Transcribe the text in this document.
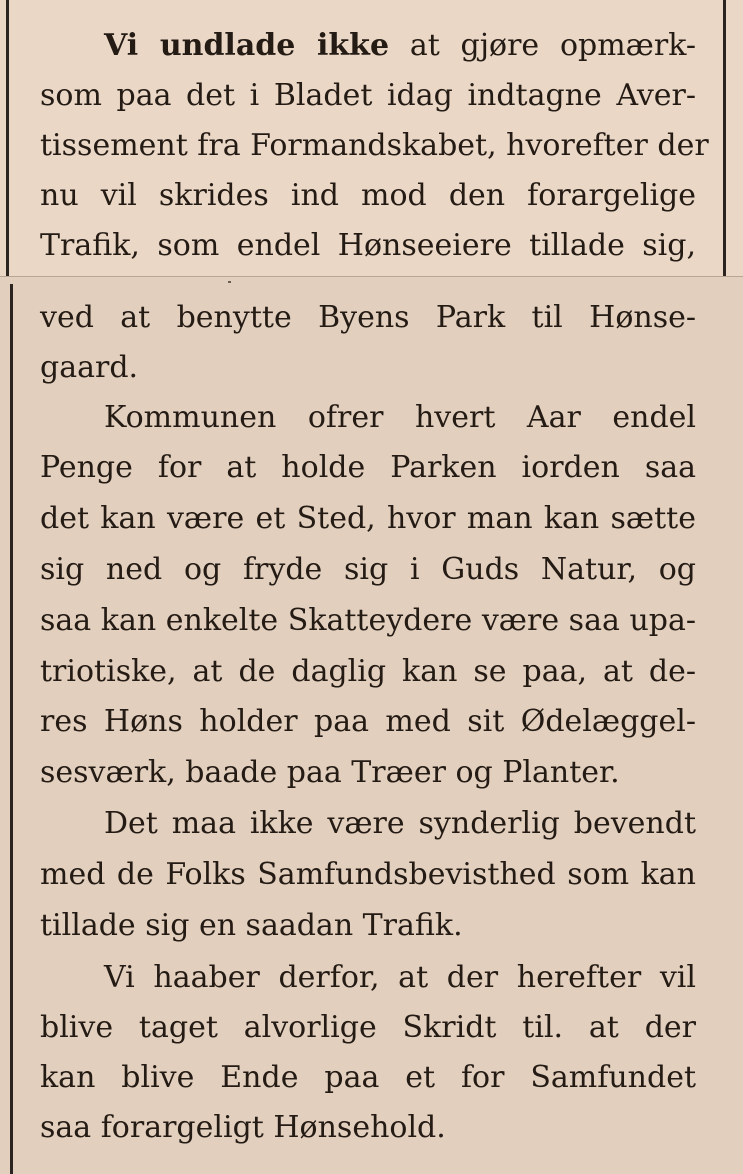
Vi undlade ikke at gjøre opmærk-
som paa det i Bladet idag indtagne Aver-
tissement fra Formandskabet, hvorefter der
nu vil skrides ind mod den forargelige
Trafik, som endel Hønseeiere tillade sig,
ved at benytte Byens Park til Hønse-
gaard.
Kommunen ofrer hvert Aar endel
Penge for at holde Parken iorden saa
det kan være et Sted, hvor man kan sætte
sig ned og fryde sig i Guds Natur, og
saa kan enkelte Skatteydere være saa upa-
triotiske, at de daglig kan se paa, at de-
res Høns holder paa med sit Ødelæggel-
sesværk, baade paa Træer og Planter.
Det maa ikke være synderlig bevendt
med de Folks Samfundsbevisthed som kan
tillade sig en saadan Trafik.
Vi haaber derfor, at der herefter vil
blive taget alvorlige Skridt til. at der
kan blive Ende paa et for Samfundet
saa forargeligt Hønsehold.
